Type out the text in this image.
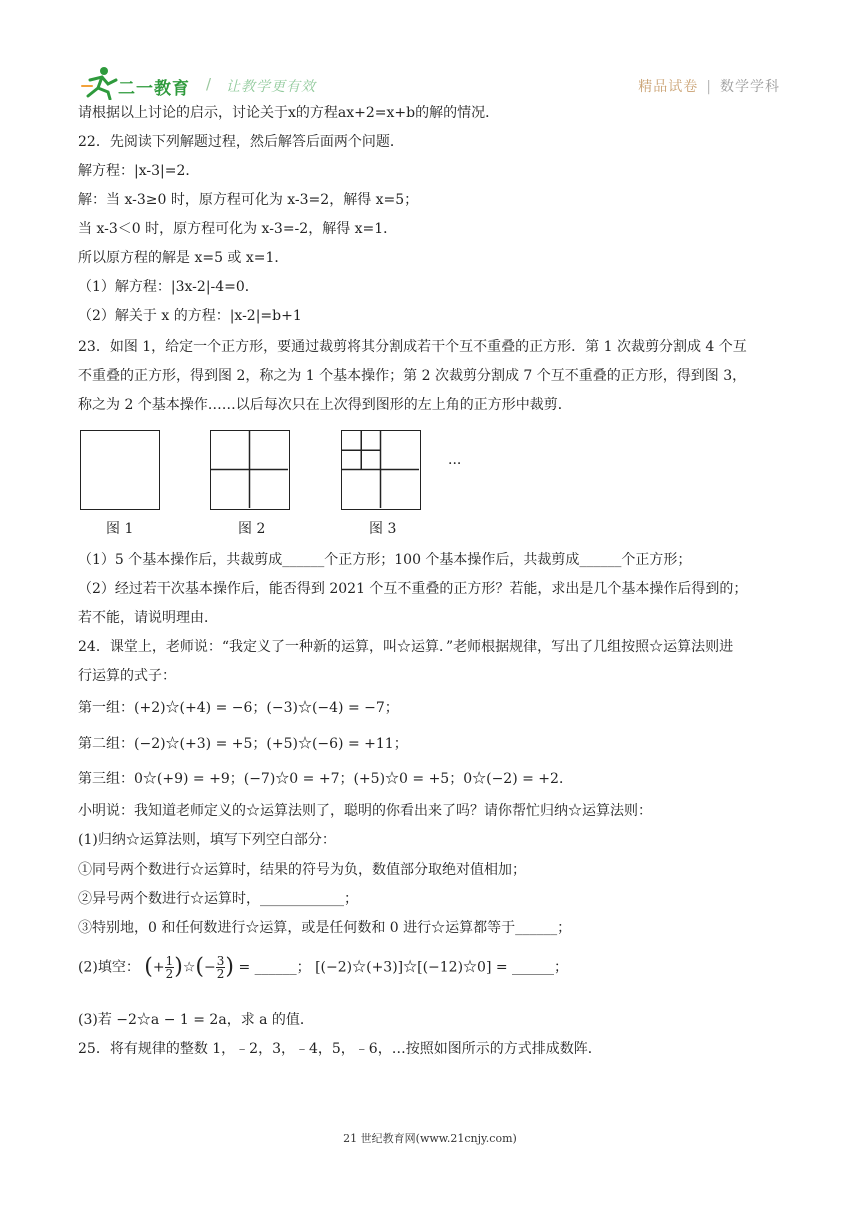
二一教育 / 让教学更有效	精品试卷 | 数学学科
请根据以上讨论的启示，讨论关于x的方程ax+2=x+b的解的情况．
22．先阅读下列解题过程，然后解答后面两个问题．
解方程：|x-3|=2．
解：当 x-3≥0 时，原方程可化为 x-3=2，解得 x=5；
当 x-3＜0 时，原方程可化为 x-3=-2，解得 x=1．
所以原方程的解是 x=5 或 x=1．
（1）解方程：|3x-2|-4=0．
（2）解关于 x 的方程：|x-2|=b+1
23．如图 1，给定一个正方形，要通过裁剪将其分割成若干个互不重叠的正方形．第 1 次裁剪分割成 4 个互
不重叠的正方形，得到图 2，称之为 1 个基本操作；第 2 次裁剪分割成 7 个互不重叠的正方形，得到图 3，
称之为 2 个基本操作……以后每次只在上次得到图形的左上角的正方形中裁剪．
图 1	图 2	图 3
···
（1）5 个基本操作后，共裁剪成______个正方形；100 个基本操作后，共裁剪成______个正方形；
（2）经过若干次基本操作后，能否得到 2021 个互不重叠的正方形？若能，求出是几个基本操作后得到的；
若不能，请说明理由．
24．课堂上，老师说：“我定义了一种新的运算，叫☆运算．”老师根据规律，写出了几组按照☆运算法则进
行运算的式子：
第一组：(+2)☆(+4) = −6；(−3)☆(−4) = −7；
第二组：(−2)☆(+3) = +5；(+5)☆(−6) = +11；
第三组：0☆(+9) = +9；(−7)☆0 = +7；(+5)☆0 = +5；0☆(−2) = +2．
小明说：我知道老师定义的☆运算法则了，聪明的你看出来了吗？请你帮忙归纳☆运算法则：
(1)归纳☆运算法则，填写下列空白部分：
①同号两个数进行☆运算时，结果的符号为负，数值部分取绝对值相加；
②异号两个数进行☆运算时，____________；
③特别地，0 和任何数进行☆运算，或是任何数和 0 进行☆运算都等于______；
(2)填空： (+ $\frac{1}{2}$ )☆(− $\frac{3}{2}$ ) = ______； [(−2)☆(+3)]☆[(−12)☆0] = ______；
(3)若 −2☆a − 1 = 2a，求 a 的值．
25．将有规律的整数 1，﹣2，3，﹣4，5，﹣6，…按照如图所示的方式排成数阵．
21 世纪教育网(www.21cnjy.com)
